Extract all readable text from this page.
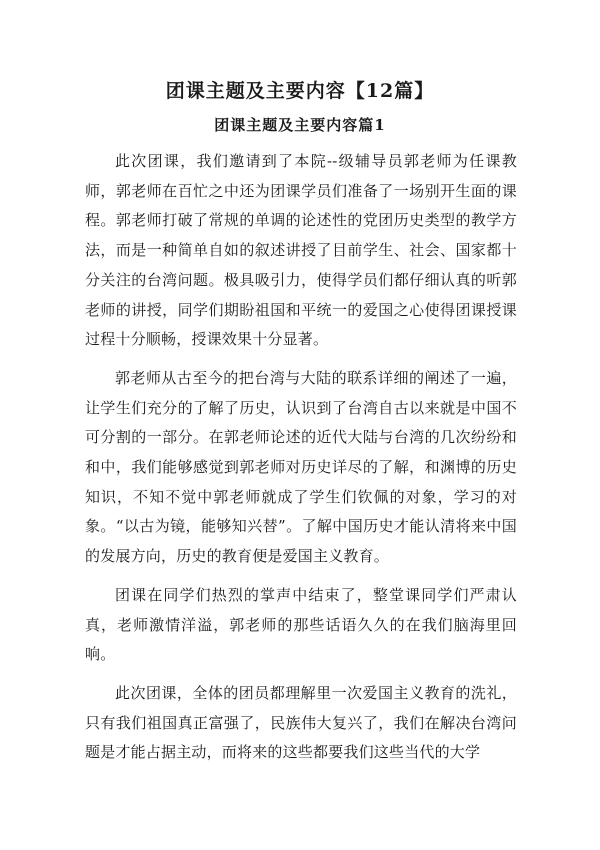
团课主题及主要内容【12篇】
团课主题及主要内容篇1

此次团课，我们邀请到了本院--级辅导员郭老师为任课教师，郭老师在百忙之中还为团课学员们准备了一场别开生面的课程。郭老师打破了常规的单调的论述性的党团历史类型的教学方法，而是一种简单自如的叙述讲授了目前学生、社会、国家都十分关注的台湾问题。极具吸引力，使得学员们都仔细认真的听郭老师的讲授，同学们期盼祖国和平统一的爱国之心使得团课授课过程十分顺畅，授课效果十分显著。

郭老师从古至今的把台湾与大陆的联系详细的阐述了一遍，让学生们充分的了解了历史，认识到了台湾自古以来就是中国不可分割的一部分。在郭老师论述的近代大陆与台湾的几次纷纷和和中，我们能够感觉到郭老师对历史详尽的了解，和渊博的历史知识，不知不觉中郭老师就成了学生们钦佩的对象，学习的对象。“以古为镜，能够知兴替”。了解中国历史才能认清将来中国的发展方向，历史的教育便是爱国主义教育。

团课在同学们热烈的掌声中结束了，整堂课同学们严肃认真，老师激情洋溢，郭老师的那些话语久久的在我们脑海里回响。

此次团课，全体的团员都理解里一次爱国主义教育的洗礼，只有我们祖国真正富强了，民族伟大复兴了，我们在解决台湾问题是才能占据主动，而将来的这些都要我们这些当代的大学
